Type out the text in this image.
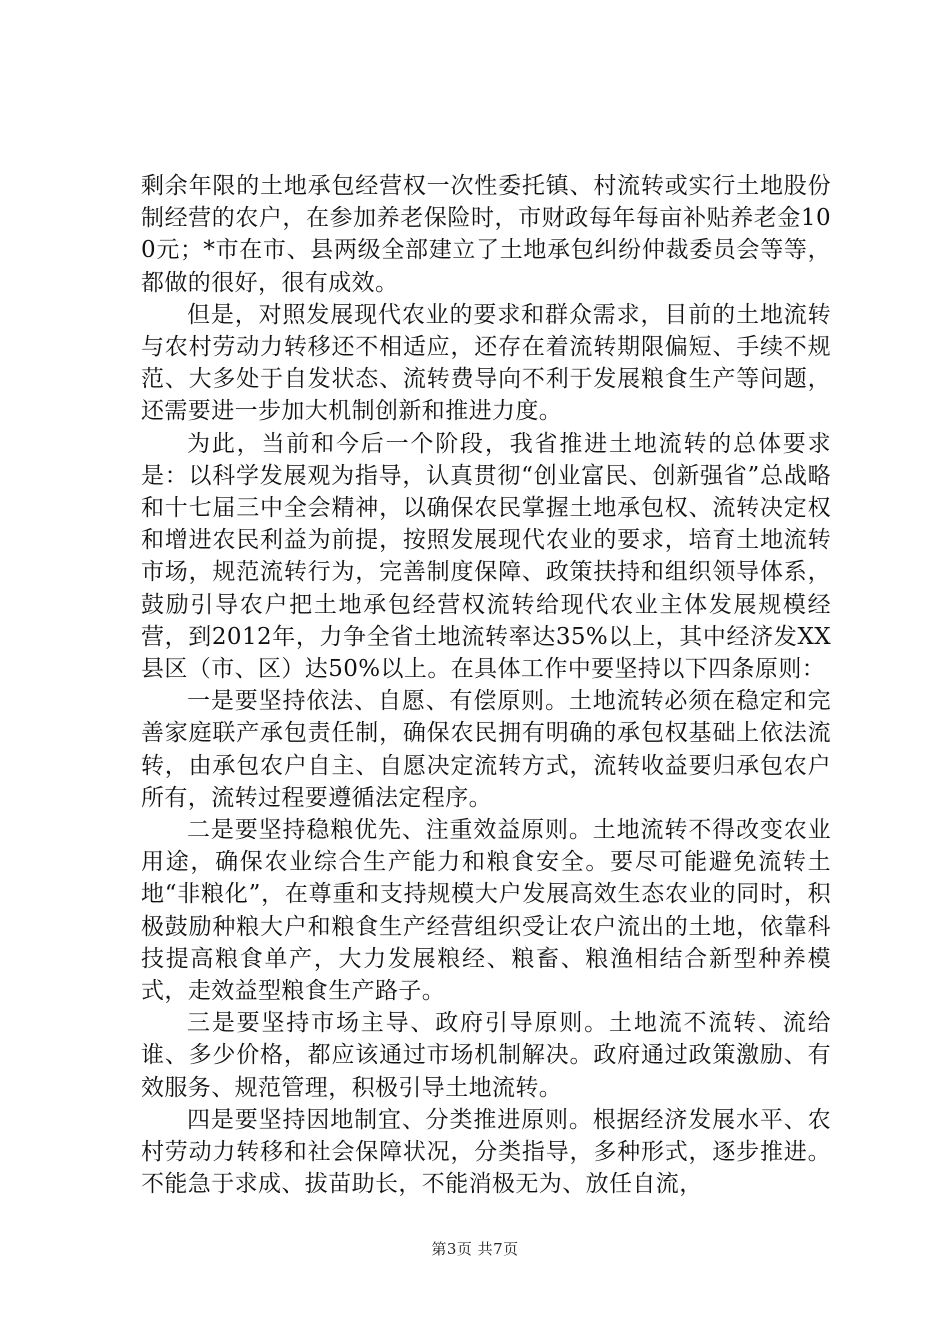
剩余年限的土地承包经营权一次性委托镇、村流转或实行土地股份制经营的农户，在参加养老保险时，市财政每年每亩补贴养老金100元；*市在市、县两级全部建立了土地承包纠纷仲裁委员会等等，都做的很好，很有成效。

但是，对照发展现代农业的要求和群众需求，目前的土地流转与农村劳动力转移还不相适应，还存在着流转期限偏短、手续不规范、大多处于自发状态、流转费导向不利于发展粮食生产等问题，还需要进一步加大机制创新和推进力度。

为此，当前和今后一个阶段，我省推进土地流转的总体要求是：以科学发展观为指导，认真贯彻“创业富民、创新强省”总战略和十七届三中全会精神，以确保农民掌握土地承包权、流转决定权和增进农民利益为前提，按照发展现代农业的要求，培育土地流转市场，规范流转行为，完善制度保障、政策扶持和组织领导体系，鼓励引导农户把土地承包经营权流转给现代农业主体发展规模经营，到2012年，力争全省土地流转率达35%以上，其中经济发XX县区（市、区）达50%以上。在具体工作中要坚持以下四条原则：

一是要坚持依法、自愿、有偿原则。土地流转必须在稳定和完善家庭联产承包责任制，确保农民拥有明确的承包权基础上依法流转，由承包农户自主、自愿决定流转方式，流转收益要归承包农户所有，流转过程要遵循法定程序。

二是要坚持稳粮优先、注重效益原则。土地流转不得改变农业用途，确保农业综合生产能力和粮食安全。要尽可能避免流转土地“非粮化”，在尊重和支持规模大户发展高效生态农业的同时，积极鼓励种粮大户和粮食生产经营组织受让农户流出的土地，依靠科技提高粮食单产，大力发展粮经、粮畜、粮渔相结合新型种养模式，走效益型粮食生产路子。

三是要坚持市场主导、政府引导原则。土地流不流转、流给谁、多少价格，都应该通过市场机制解决。政府通过政策激励、有效服务、规范管理，积极引导土地流转。

四是要坚持因地制宜、分类推进原则。根据经济发展水平、农村劳动力转移和社会保障状况，分类指导，多种形式，逐步推进。不能急于求成、拔苗助长，不能消极无为、放任自流，

第3页 共7页
